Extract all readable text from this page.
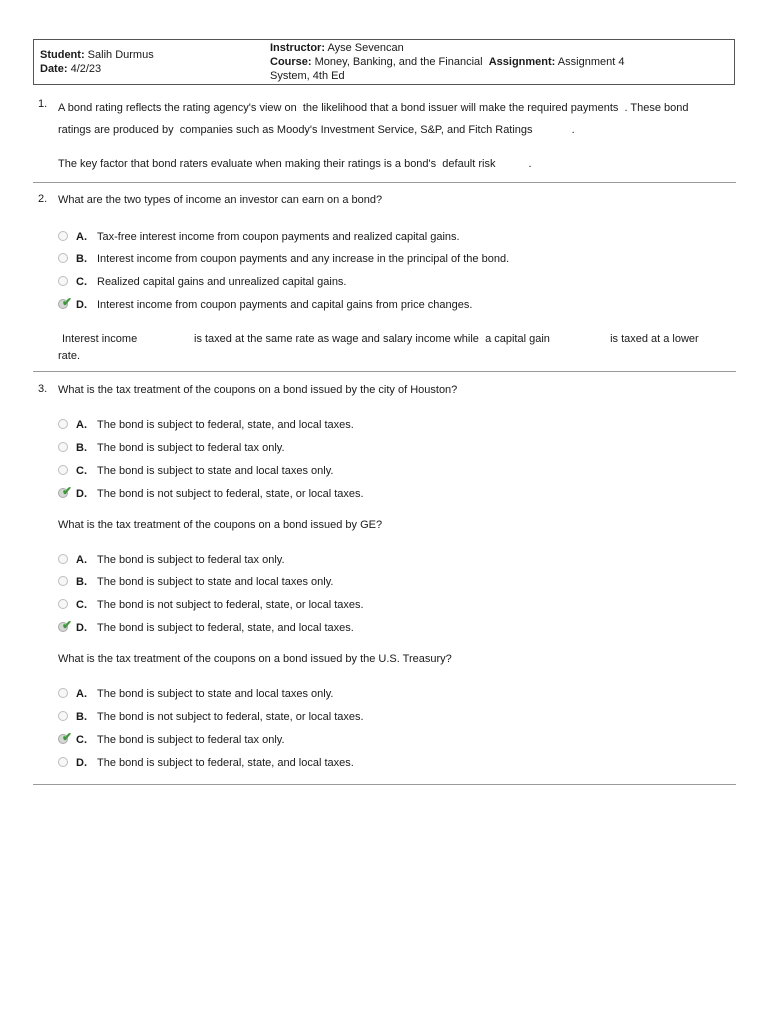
Student: Salih Durmus
Date: 4/2/23
Instructor: Ayse Sevencan
Course: Money, Banking, and the Financial Assignment: Assignment 4
System, 4th Ed
1. A bond rating reflects the rating agency's view on the likelihood that a bond issuer will make the required payments . These bond
ratings are produced by companies such as Moody's Investment Service, S&P, and Fitch Ratings	.
The key factor that bond raters evaluate when making their ratings is a bond's default risk	.
2. What are the two types of income an investor can earn on a bond?
A. Tax-free interest income from coupon payments and realized capital gains.
B. Interest income from coupon payments and any increase in the principal of the bond.
C. Realized capital gains and unrealized capital gains.
✔ D. Interest income from coupon payments and capital gains from price changes.
Interest income	is taxed at the same rate as wage and salary income while a capital gain	is taxed at a lower
rate.
3. What is the tax treatment of the coupons on a bond issued by the city of Houston?
A. The bond is subject to federal, state, and local taxes.
B. The bond is subject to federal tax only.
C. The bond is subject to state and local taxes only.
✔ D. The bond is not subject to federal, state, or local taxes.
What is the tax treatment of the coupons on a bond issued by GE?
A. The bond is subject to federal tax only.
B. The bond is subject to state and local taxes only.
C. The bond is not subject to federal, state, or local taxes.
✔ D. The bond is subject to federal, state, and local taxes.
What is the tax treatment of the coupons on a bond issued by the U.S. Treasury?
A. The bond is subject to state and local taxes only.
B. The bond is not subject to federal, state, or local taxes.
✔ C. The bond is subject to federal tax only.
D. The bond is subject to federal, state, and local taxes.
